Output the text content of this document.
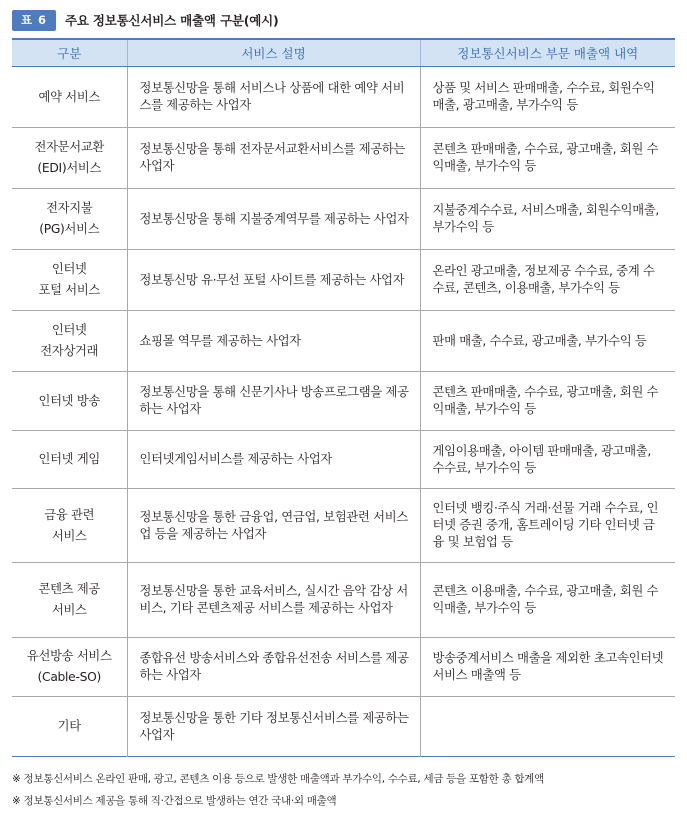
표 6	주요 정보통신서비스 매출액 구분(예시)
구분	서비스 설명	정보통신서비스 부문 매출액 내역

예약 서비스	정보통신망을 통해 서비스나 상품에 대한 예약 서비스를 제공하는 사업자	상품 및 서비스 판매매출, 수수료, 회원수익 매출, 광고매출, 부가수익 등

전자문서교환
(EDI)서비스	정보통신망을 통해 전자문서교환서비스를 제공하는 사업자	콘텐츠 판매매출, 수수료, 광고매출, 회원 수익매출, 부가수익 등

전자지불
(PG)서비스	정보통신망을 통해 지불중계역무를 제공하는 사업자	지불중계수수료, 서비스매출, 회원수익매출, 부가수익 등

인터넷
포털 서비스	정보통신망 유·무선 포털 사이트를 제공하는 사업자	온라인 광고매출, 정보제공 수수료, 중계 수수료, 콘텐츠, 이용매출, 부가수익 등

인터넷
전자상거래	쇼핑몰 역무를 제공하는 사업자	판매 매출, 수수료, 광고매출, 부가수익 등

인터넷 방송	정보통신망을 통해 신문기사나 방송프로그램을 제공하는 사업자	콘텐츠 판매매출, 수수료, 광고매출, 회원 수익매출, 부가수익 등

인터넷 게임	인터넷게임서비스를 제공하는 사업자	게임이용매출, 아이템 판매매출, 광고매출, 수수료, 부가수익 등

금융 관련
서비스	정보통신망을 통한 금융업, 연금업, 보험관련 서비스업 등을 제공하는 사업자	인터넷 뱅킹·주식 거래·선물 거래 수수료, 인터넷 증권 중개, 홈트레이딩 기타 인터넷 금융 및 보험업 등

콘텐츠 제공
서비스	정보통신망을 통한 교육서비스, 실시간 음악 감상 서비스, 기타 콘텐츠제공 서비스를 제공하는 사업자	콘텐츠 이용매출, 수수료, 광고매출, 회원 수익매출, 부가수익 등

유선방송 서비스
(Cable-SO)	종합유선 방송서비스와 종합유선전송 서비스를 제공하는 사업자	방송중계서비스 매출을 제외한 초고속인터넷 서비스 매출액 등

기타	정보통신망을 통한 기타 정보통신서비스를 제공하는 사업자	
※ 정보통신서비스 온라인 판매, 광고, 콘텐츠 이용 등으로 발생한 매출액과 부가수익, 수수료, 세금 등을 포함한 총 합계액
※ 정보통신서비스 제공을 통해 직·간접으로 발생하는 연간 국내·외 매출액
